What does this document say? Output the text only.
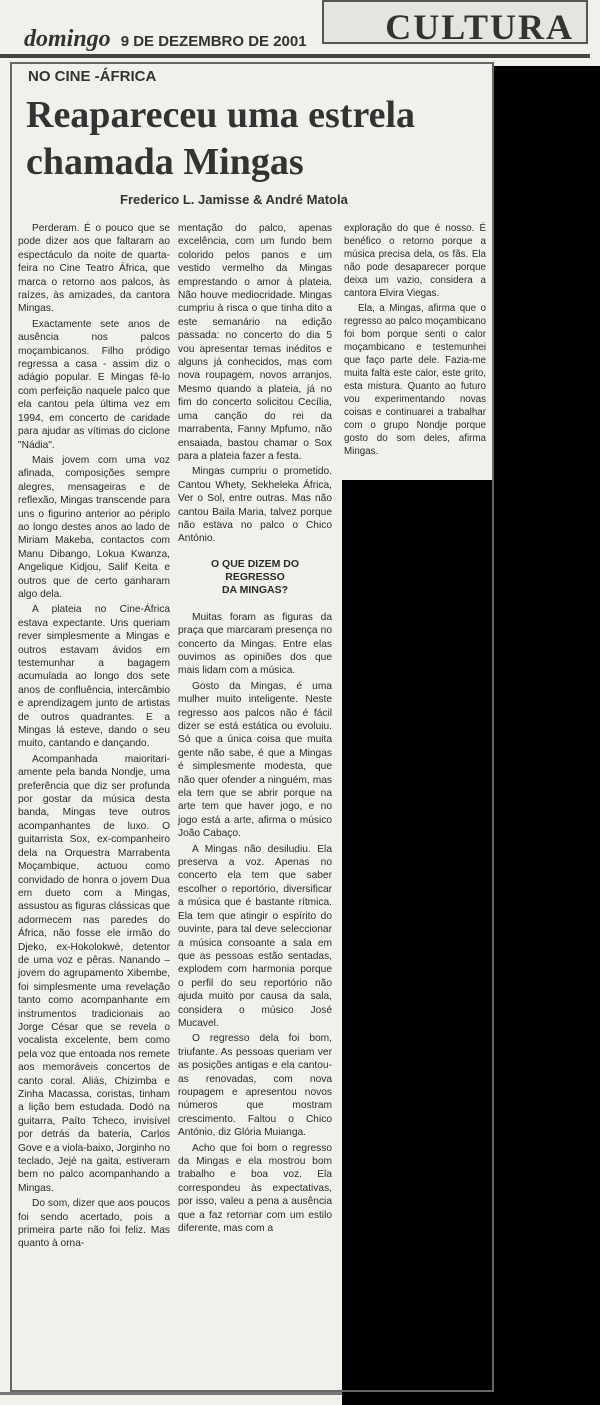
CULTURA
domingo 9 DE DEZEMBRO DE 2001
NO CINE -ÁFRICA
Reapareceu uma estrela chamada Mingas
Frederico L. Jamisse & André Matola

Perderam. É o pouco que se pode dizer aos que faltaram ao espectáculo da noite de quarta-feira no Cine Teatro África, que marca o retorno aos palcos, às raízes, às amizades, da cantora Mingas.

Exactamente sete anos de ausência nos palcos moçambicanos. Filho pródigo regressa a casa - assim diz o adágio popular. E Mingas fê-lo com perfeição naquele palco que ela cantou pela última vez em 1994, em concerto de caridade para ajudar as vítimas do ciclone "Nádia".

Mais jovem com uma voz afinada, composições sempre alegres, mensageiras e de reflexão, Mingas transcende para uns o figurino anterior ao périplo ao longo destes anos ao lado de Miriam Makeba, contactos com Manu Dibango, Lokua Kwanza, Angelique Kidjou, Salif Keita e outros que de certo ganharam algo dela.

A plateia no Cine-África estava expectante. Uns queriam rever simplesmente a Mingas e outros estavam ávidos em testemunhar a bagagem acumulada ao longo dos sete anos de confluência, intercâmbio e aprendizagem junto de artistas de outros quadrantes. E a Mingas lá esteve, dando o seu muito, cantando e dançando.

Acompanhada maioritari-amente pela banda Nondje, uma preferência que diz ser profunda por gostar da música desta banda, Mingas teve outros acompanhantes de luxo. O guitarrista Sox, ex-companheiro dela na Orquestra Marrabenta Moçambique, actuou como convidado de honra o jovem Dua em dueto com a Mingas, assustou as figuras clássicas que adormecem nas paredes do África, não fosse ele irmão do Djeko, ex-Hokolokwè, detentor de uma voz e pêras. Nanando – jovem do agrupamento Xibembe, foi simplesmente uma revelação tanto como acompanhante em instrumentos tradicionais ao Jorge César que se revela o vocalista excelente, bem como pela voz que entoada nos remete aos memoráveis concertos de canto coral. Aliás, Chizimba e Zinha Macassa, coristas, tinham a lição bem estudada. Dodó na guitarra, Paíto Tcheco, invisível por detrás da bateria, Carlos Gove e a viola-baixo, Jorginho no teclado, Jejé na gaita, estiveram bem no palco acompanhando a Mingas.

Do som, dizer que aos poucos foi sendo acertado, pois a primeira parte não foi feliz. Mas quanto à orna-

mentação do palco, apenas excelência, com um fundo bem colorido pelos panos e um vestido vermelho da Mingas emprestando o amor à plateia. Não houve mediocridade. Mingas cumpriu à risca o que tinha dito a este semanário na edição passada: no concerto do dia 5 vou apresentar temas inéditos e alguns já conhecidos, mas com nova roupagem, novos arranjos. Mesmo quando a plateia, já no fim do concerto solicitou Cecília, uma canção do rei da marrabenta, Fanny Mpfumo, não ensaiada, bastou chamar o Sox para a plateia fazer a festa.

Mingas cumpriu o prometido. Cantou Whety, Sekheleka África, Ver o Sol, entre outras. Mas não cantou Baila Maria, talvez porque não estava no palco o Chico António.

O QUE DIZEM DO
REGRESSO
DA MINGAS?

Muitas foram as figuras da praça que marcaram presença no concerto da Mingas. Entre elas ouvimos as opiniões dos que mais lidam com a música.

Gosto da Mingas, é uma mulher muito inteligente. Neste regresso aos palcos não é fácil dizer se está estática ou evoluiu. Só que a única coisa que muita gente não sabe, é que a Mingas é simplesmente modesta, que não quer ofender a ninguém, mas ela tem que se abrir porque na arte tem que haver jogo, e no jogo está a arte, afirma o músico João Cabaço.

A Mingas não desiludiu. Ela preserva a voz. Apenas no concerto ela tem que saber escolher o reportório, diversificar a música que é bastante rítmica. Ela tem que atingir o espírito do ouvinte, para tal deve seleccionar a música consoante a sala em que as pessoas estão sentadas, explodem com harmonia porque o perfil do seu reportório não ajuda muito por causa da sala, considera o músico José Mucavel.

O regresso dela foi bom, triufante. As pessoas queriam ver as posições antigas e ela cantou-as renovadas, com nova roupagem e apresentou novos números que mostram crescimento. Faltou o Chico António, diz Glória Muianga.

Acho que foi bom o regresso da Mingas e ela mostrou bom trabalho e boa voz. Ela correspondeu às expectativas, por isso, valeu a pena a ausência que a faz retornar com um estilo diferente, mas com a

exploração do que é nosso. É benéfico o retorno porque a música precisa dela, os fãs. Ela não pode desaparecer porque deixa um vazio, considera a cantora Elvira Viegas.

Ela, a Mingas, afirma que o regresso ao palco moçambicano foi bom porque senti o calor moçambicano e testemunhei que faço parte dele. Fazia-me muita falta este calor, este grito, esta mistura. Quanto ao futuro vou experimentando novas coisas e continuarei a trabalhar com o grupo Nondje porque gosto do som deles, afirma Mingas.
